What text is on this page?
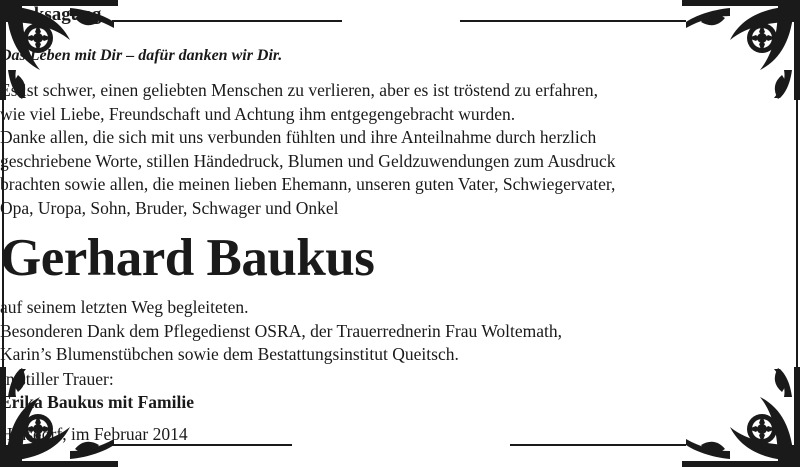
Danksagung
Das Leben mit Dir – dafür danken wir Dir.
Es ist schwer, einen geliebten Menschen zu verlieren, aber es ist tröstend zu erfahren,
wie viel Liebe, Freundschaft und Achtung ihm entgegengebracht wurden.
Danke allen, die sich mit uns verbunden fühlten und ihre Anteilnahme durch herzlich
geschriebene Worte, stillen Händedruck, Blumen und Geldzuwendungen zum Ausdruck
brachten sowie allen, die meinen lieben Ehemann, unseren guten Vater, Schwiegervater,
Opa, Uropa, Sohn, Bruder, Schwager und Onkel
Gerhard Baukus
auf seinem letzten Weg begleiteten.
Besonderen Dank dem Pflegedienst OSRA, der Trauerrednerin Frau Woltemath,
Karin’s Blumenstübchen sowie dem Bestattungsinstitut Queitsch.
In stiller Trauer:
Erika Baukus mit Familie
Hinsdorf, im Februar 2014
